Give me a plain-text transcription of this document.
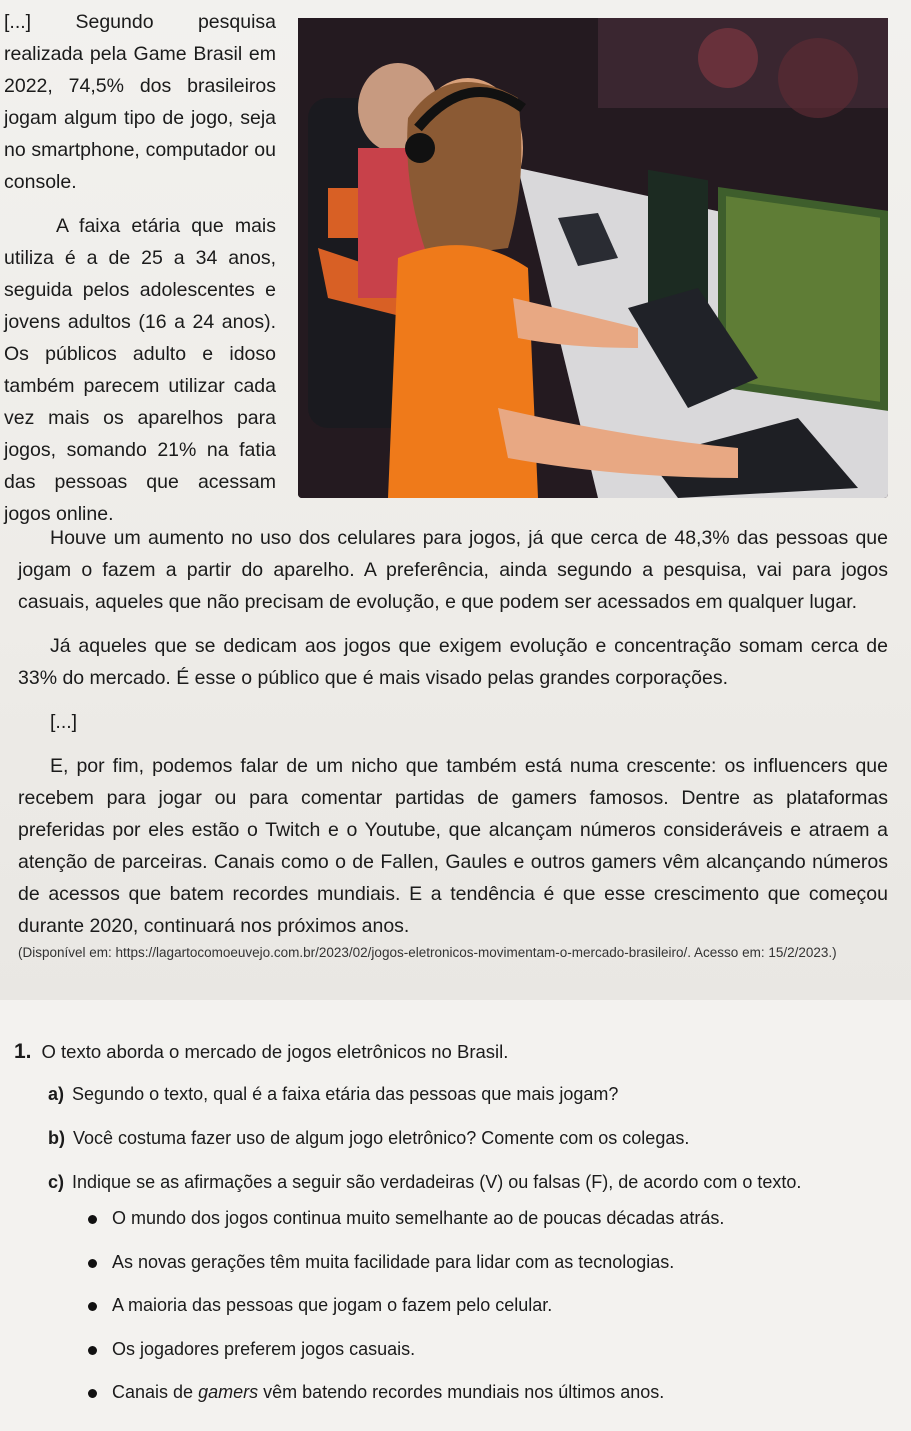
[...] Segundo pesquisa realizada pela Game Brasil em 2022, 74,5% dos brasileiros jogam algum tipo de jogo, seja no smartphone, computador ou console.

A faixa etária que mais utiliza é a de 25 a 34 anos, seguida pelos adolescentes e jovens adultos (16 a 24 anos). Os públicos adulto e idoso também parecem utilizar cada vez mais os aparelhos para jogos, somando 21% na fatia das pessoas que acessam jogos online.

Houve um aumento no uso dos celulares para jogos, já que cerca de 48,3% das pessoas que jogam o fazem a partir do aparelho. A preferência, ainda segundo a pesquisa, vai para jogos casuais, aqueles que não precisam de evolução, e que podem ser acessados em qualquer lugar.

Já aqueles que se dedicam aos jogos que exigem evolução e concentração somam cerca de 33% do mercado. É esse o público que é mais visado pelas grandes corporações.

[...]

E, por fim, podemos falar de um nicho que também está numa crescente: os influencers que recebem para jogar ou para comentar partidas de gamers famosos. Dentre as plataformas preferidas por eles estão o Twitch e o Youtube, que alcançam números consideráveis e atraem a atenção de parceiras. Canais como o de Fallen, Gaules e outros gamers vêm alcançando números de acessos que batem recordes mundiais. E a tendência é que esse crescimento que começou durante 2020, continuará nos próximos anos.

(Disponível em: https://lagartocomoeuvejo.com.br/2023/02/jogos-eletronicos-movimentam-o-mercado-brasileiro/. Acesso em: 15/2/2023.)
1. O texto aborda o mercado de jogos eletrônicos no Brasil.
a) Segundo o texto, qual é a faixa etária das pessoas que mais jogam?
b) Você costuma fazer uso de algum jogo eletrônico? Comente com os colegas.
c) Indique se as afirmações a seguir são verdadeiras (V) ou falsas (F), de acordo com o texto.
O mundo dos jogos continua muito semelhante ao de poucas décadas atrás.
As novas gerações têm muita facilidade para lidar com as tecnologias.
A maioria das pessoas que jogam o fazem pelo celular.
Os jogadores preferem jogos casuais.
Canais de gamers vêm batendo recordes mundiais nos últimos anos.
